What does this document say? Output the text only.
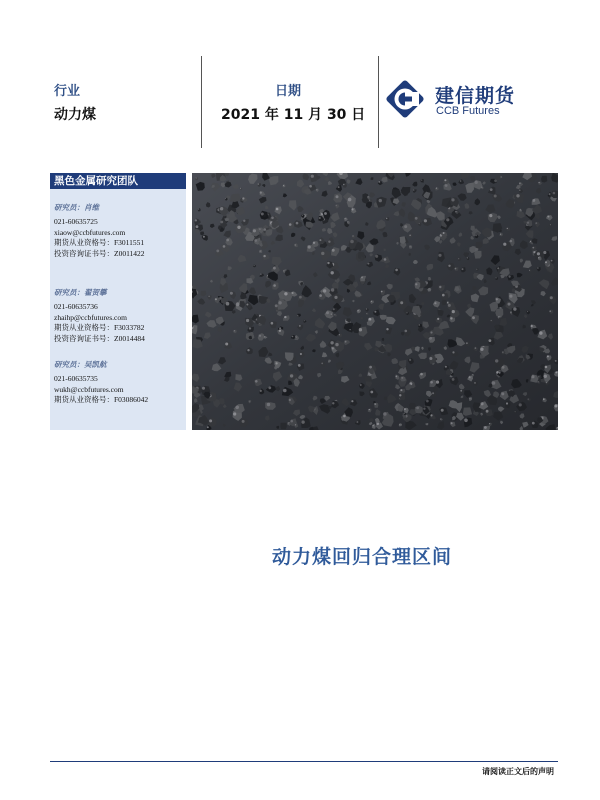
行业
动力煤
日期
2021 年 11 月 30 日
建信期货
CCB Futures
黑色金属研究团队
研究员：肖维
021-60635725
xiaow@ccbfutures.com
期货从业资格号：F3011551
投资咨询证书号：Z0011422
研究员：翟贺攀
021-60635736
zhaihp@ccbfutures.com
期货从业资格号：F3033782
投资咨询证书号：Z0014484
研究员：吴凯航
021-60635735
wukh@ccbfutures.com
期货从业资格号：F03086042
动力煤回归合理区间
请阅读正文后的声明
